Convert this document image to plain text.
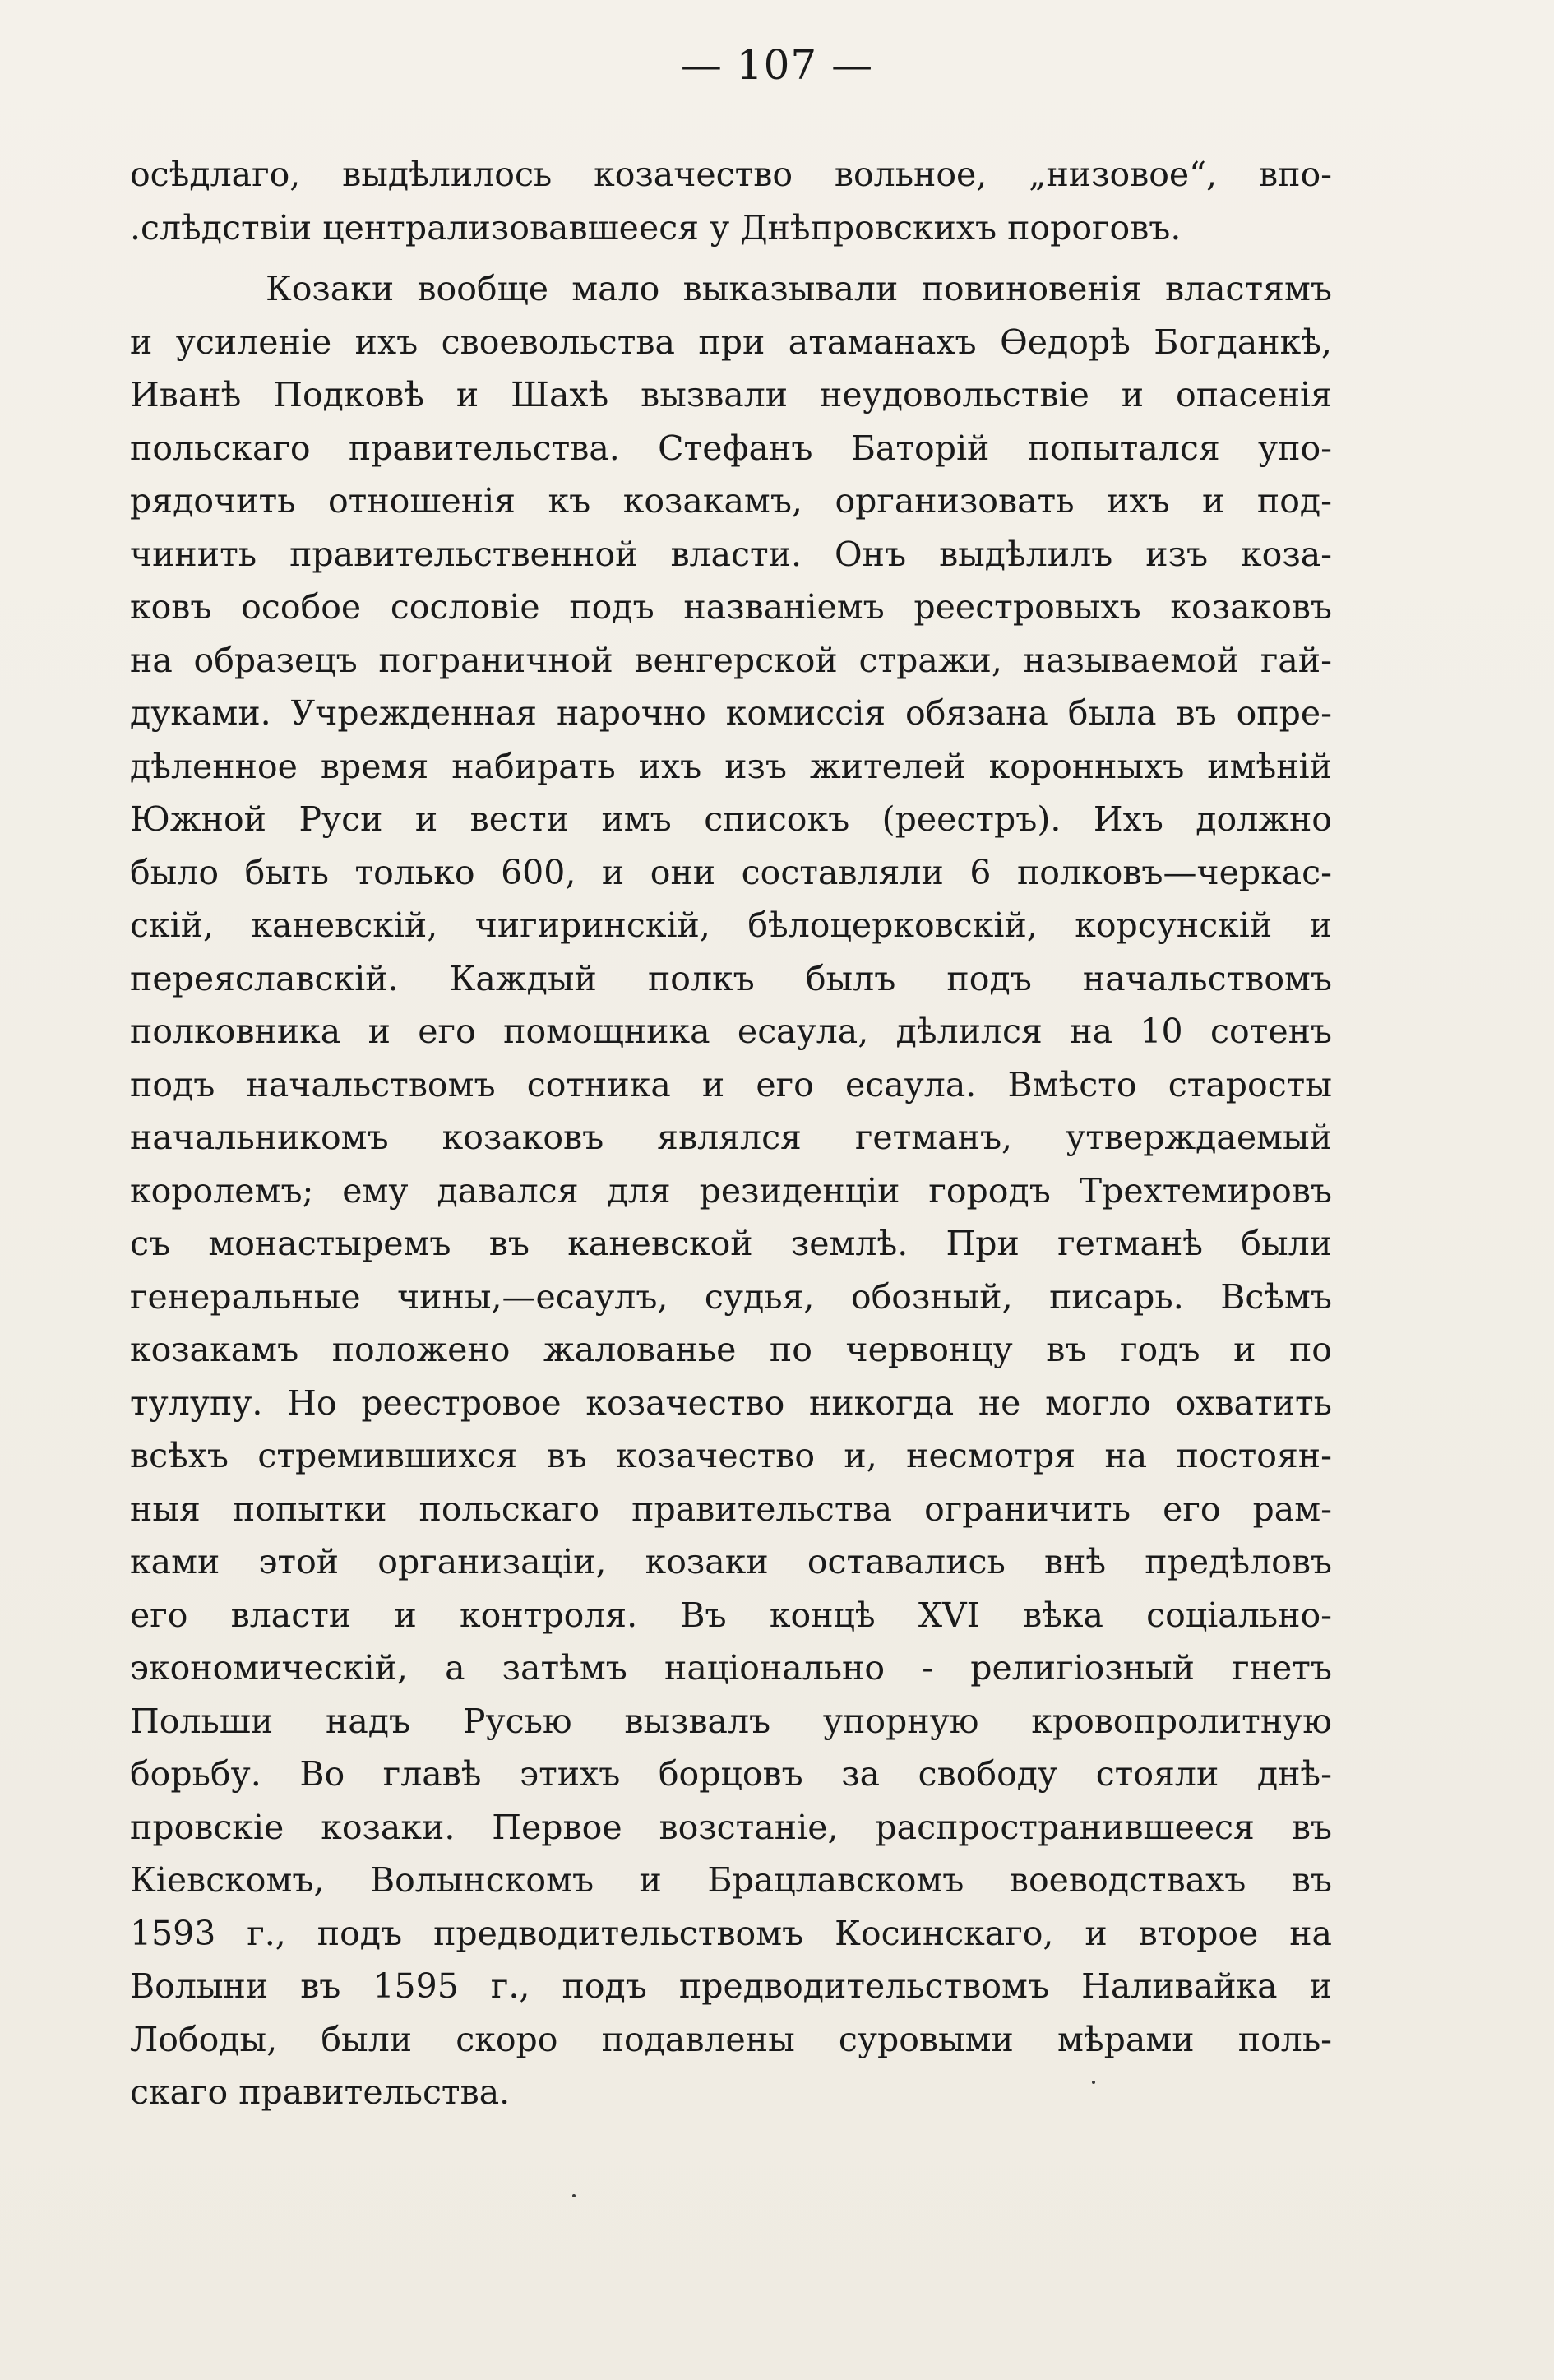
— 107 —
осѣдлаго, выдѣлилось козачество вольное, „низовое“, впо-
.слѣдствіи централизовавшееся у Днѣпровскихъ пороговъ.
Козаки вообще мало выказывали повиновенія властямъ
и усиленіе ихъ своевольства при атаманахъ Ѳедорѣ Богданкѣ,
Иванѣ Подковѣ и Шахѣ вызвали неудовольствіе и опасенія
польскаго правительства. Стефанъ Баторій попытался упо-
рядочить отношенія къ козакамъ, организовать ихъ и под-
чинить правительственной власти. Онъ выдѣлилъ изъ коза-
ковъ особое сословіе подъ названіемъ реестровыхъ козаковъ
на образецъ пограничной венгерской стражи, называемой гай-
дуками. Учрежденная нарочно комиссія обязана была въ опре-
дѣленное время набирать ихъ изъ жителей коронныхъ имѣній
Южной Руси и вести имъ списокъ (реестръ). Ихъ должно
было быть только 600, и они составляли 6 полковъ—черкас-
скій, каневскій, чигиринскій, бѣлоцерковскій, корсунскій и
переяславскій. Каждый полкъ былъ подъ начальствомъ
полковника и его помощника есаула, дѣлился на 10 сотенъ
подъ начальствомъ сотника и его есаула. Вмѣсто старосты
начальникомъ козаковъ являлся гетманъ, утверждаемый
королемъ; ему давался для резиденціи городъ Трехтемировъ
съ монастыремъ въ каневской землѣ. При гетманѣ были
генеральные чины,—есаулъ, судья, обозный, писарь. Всѣмъ
козакамъ положено жалованье по червонцу въ годъ и по
тулупу. Но реестровое козачество никогда не могло охватить
всѣхъ стремившихся въ козачество и, несмотря на постоян-
ныя попытки польскаго правительства ограничить его рам-
ками этой организаціи, козаки оставались внѣ предѣловъ
его власти и контроля. Въ концѣ XVI вѣка соціально-
экономическій, а затѣмъ національно - религіозный гнетъ
Польши надъ Русью вызвалъ упорную кровопролитную
борьбу. Во главѣ этихъ борцовъ за свободу стояли днѣ-
провскіе козаки. Первое возстаніе, распространившееся въ
Кіевскомъ, Волынскомъ и Брацлавскомъ воеводствахъ въ
1593 г., подъ предводительствомъ Косинскаго, и второе на
Волыни въ 1595 г., подъ предводительствомъ Наливайка и
Лободы, были скоро подавлены суровыми мѣрами поль-
скаго правительства.
